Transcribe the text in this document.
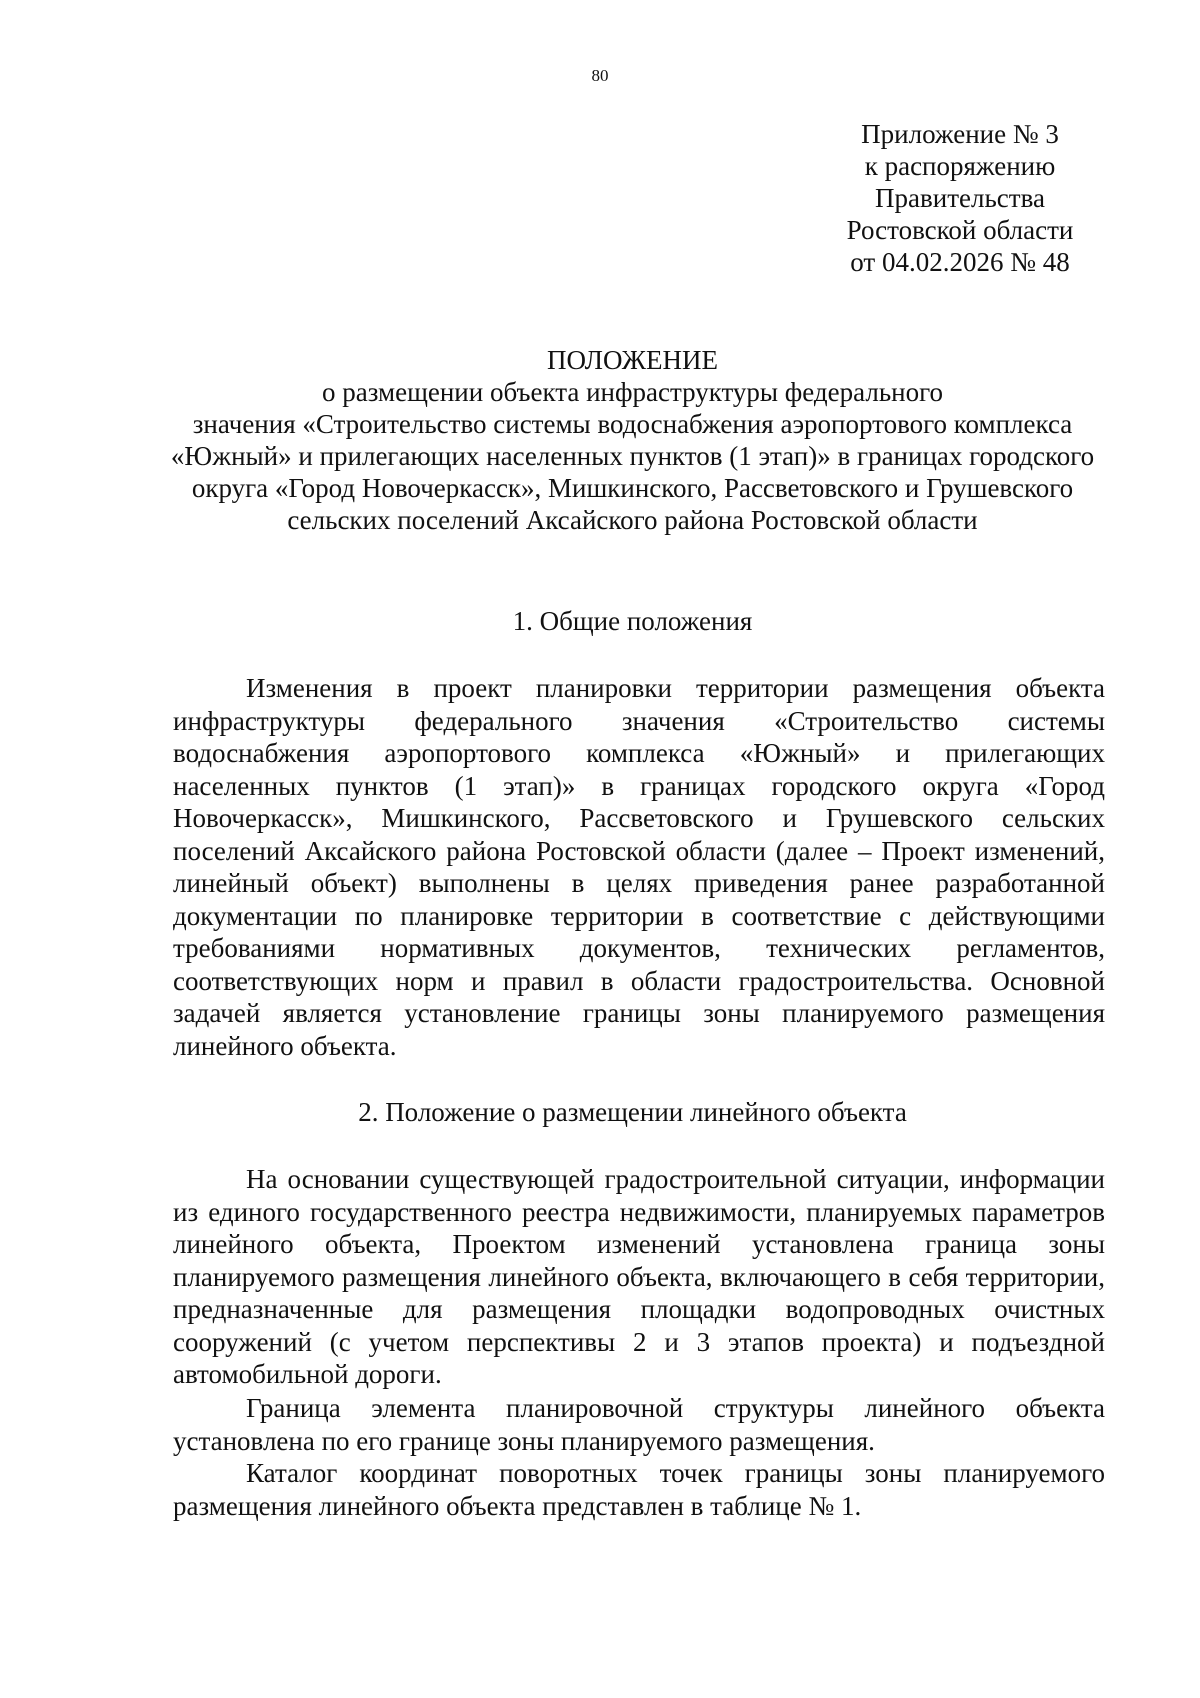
80
Приложение № 3
к распоряжению
Правительства
Ростовской области
от 04.02.2026 № 48
ПОЛОЖЕНИЕ
о размещении объекта инфраструктуры федерального
значения «Строительство системы водоснабжения аэропортового комплекса
«Южный» и прилегающих населенных пунктов (1 этап)» в границах городского
округа «Город Новочеркасск», Мишкинского, Рассветовского и Грушевского
сельских поселений Аксайского района Ростовской области
1. Общие положения

Изменения в проект планировки территории размещения объекта инфраструктуры федерального значения «Строительство системы водоснабжения аэропортового комплекса «Южный» и прилегающих населенных пунктов (1 этап)» в границах городского округа «Город Новочеркасск», Мишкинского, Рассветовского и Грушевского сельских поселений Аксайского района Ростовской области (далее – Проект изменений, линейный объект) выполнены в целях приведения ранее разработанной документации по планировке территории в соответствие с действующими требованиями нормативных документов, технических регламентов, соответствующих норм и правил в области градостроительства. Основной задачей является установление границы зоны планируемого размещения линейного объекта.

2. Положение о размещении линейного объекта

На основании существующей градостроительной ситуации, информации из единого государственного реестра недвижимости, планируемых параметров линейного объекта, Проектом изменений установлена граница зоны планируемого размещения линейного объекта, включающего в себя территории, предназначенные для размещения площадки водопроводных очистных сооружений (с учетом перспективы 2 и 3 этапов проекта) и подъездной автомобильной дороги.

Граница элемента планировочной структуры линейного объекта установлена по его границе зоны планируемого размещения.

Каталог координат поворотных точек границы зоны планируемого размещения линейного объекта представлен в таблице № 1.
